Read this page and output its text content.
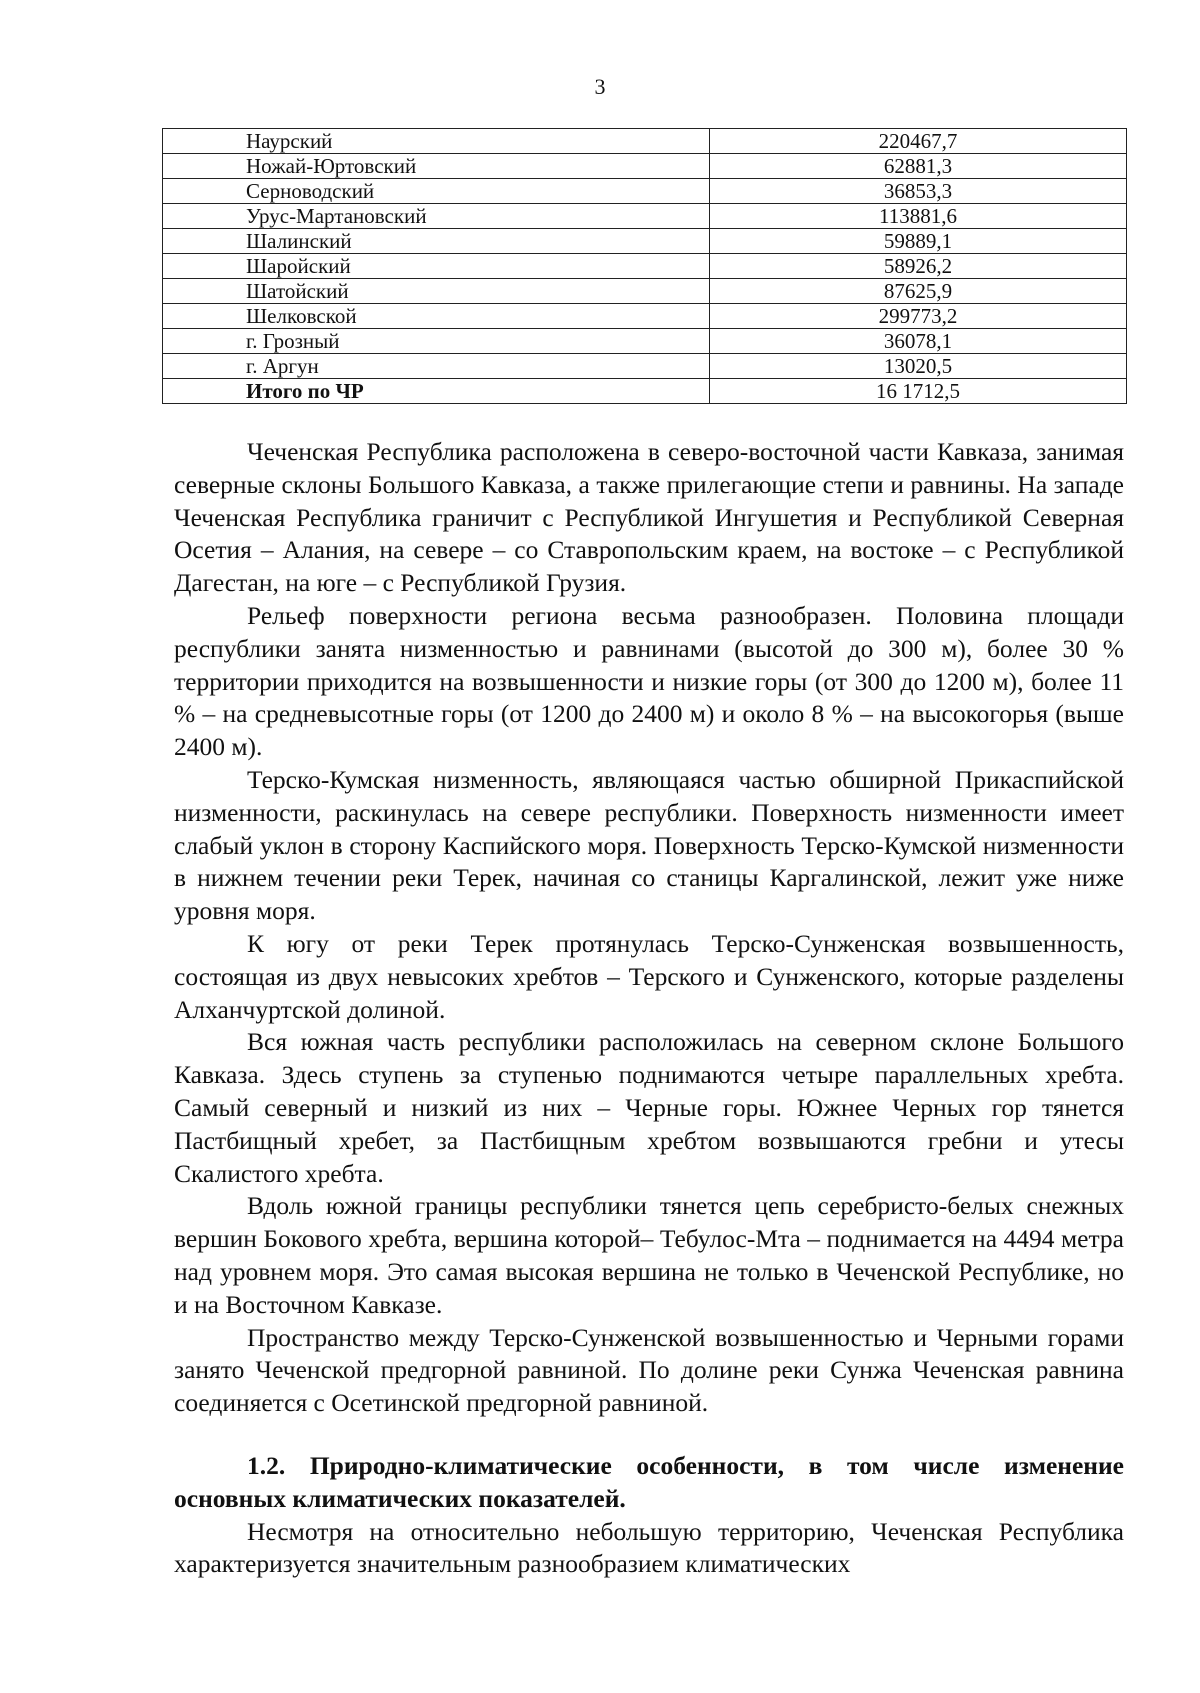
3
Наурский	220467,7
Ножай-Юртовский	62881,3
Серноводский	36853,3
Урус-Мартановский	113881,6
Шалинский	59889,1
Шаройский	58926,2
Шатойский	87625,9
Шелковской	299773,2
г. Грозный	36078,1
г. Аргун	13020,5
Итого по ЧР	16 1712,5

Чеченская Республика расположена в северо-восточной части Кавказа, занимая северные склоны Большого Кавказа, а также прилегающие степи и равнины. На западе Чеченская Республика граничит с Республикой Ингушетия и Республикой Северная Осетия – Алания, на севере – со Ставропольским краем, на востоке – с Республикой Дагестан, на юге – с Республикой Грузия.

Рельеф поверхности региона весьма разнообразен. Половина площади республики занята низменностью и равнинами (высотой до 300 м), более 30 % территории приходится на возвышенности и низкие горы (от 300 до 1200 м), более 11 % – на средневысотные горы (от 1200 до 2400 м) и около 8 % – на высокогорья (выше 2400 м).

Терско-Кумская низменность, являющаяся частью обширной Прикаспийской низменности, раскинулась на севере республики. Поверхность низменности имеет слабый уклон в сторону Каспийского моря. Поверхность Терско-Кумской низменности в нижнем течении реки Терек, начиная со станицы Каргалинской, лежит уже ниже уровня моря.

К югу от реки Терек протянулась Терско-Сунженская возвышенность, состоящая из двух невысоких хребтов – Терского и Сунженского, которые разделены Алханчуртской долиной.

Вся южная часть республики расположилась на северном склоне Большого Кавказа. Здесь ступень за ступенью поднимаются четыре параллельных хребта. Самый северный и низкий из них – Черные горы. Южнее Черных гор тянется Пастбищный хребет, за Пастбищным хребтом возвышаются гребни и утесы Скалистого хребта.

Вдоль южной границы республики тянется цепь серебристо-белых снежных вершин Бокового хребта, вершина которой– Тебулос-Мта – поднимается на 4494 метра над уровнем моря. Это самая высокая вершина не только в Чеченской Республике, но и на Восточном Кавказе.

Пространство между Терско-Сунженской возвышенностью и Черными горами занято Чеченской предгорной равниной. По долине реки Сунжа Чеченская равнина соединяется с Осетинской предгорной равниной.

1.2. Природно-климатические особенности, в том числе изменение основных климатических показателей.

Несмотря на относительно небольшую территорию, Чеченская Республика характеризуется значительным разнообразием климатических
